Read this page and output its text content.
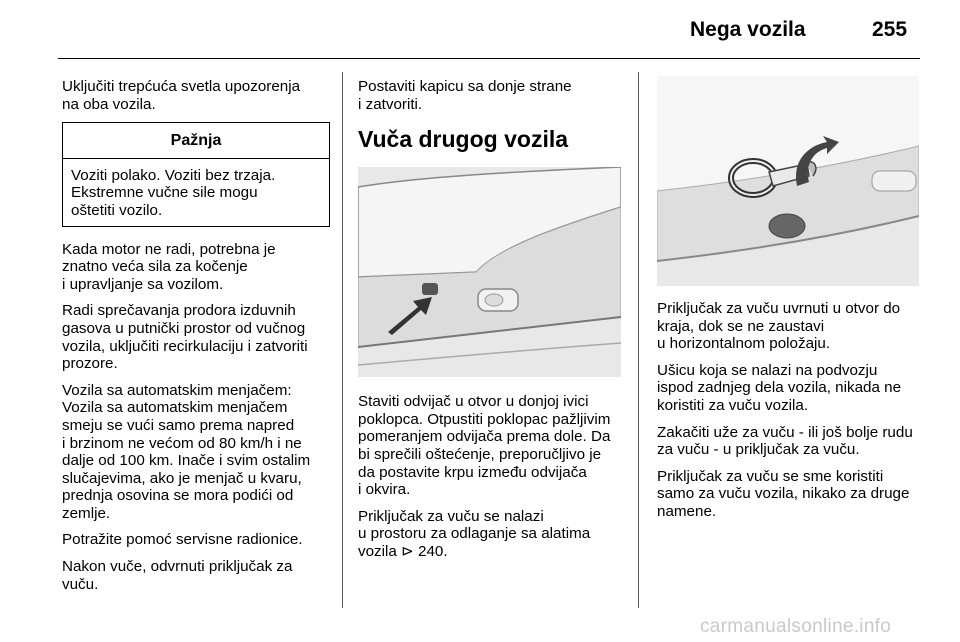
Nega vozila	255

Uključiti trepćuća svetla upozorenja
na oba vozila.

Pažnja
Voziti polako. Voziti bez trzaja.
Ekstremne vučne sile mogu
oštetiti vozilo.

Kada motor ne radi, potrebna je
znatno veća sila za kočenje
i upravljanje sa vozilom.

Radi sprečavanja prodora izduvnih
gasova u putnički prostor od vučnog
vozila, uključiti recirkulaciju i zatvoriti
prozore.

Vozila sa automatskim menjačem:
Vozila sa automatskim menjačem
smeju se vući samo prema napred
i brzinom ne većom od 80 km/h i ne
dalje od 100 km. Inače i svim ostalim
slučajevima, ako je menjač u kvaru,
prednja osovina se mora podići od
zemlje.

Potražite pomoć servisne radionice.

Nakon vuče, odvrnuti priključak za
vuču.

Postaviti kapicu sa donje strane
i zatvoriti.

Vuča drugog vozila

Staviti odvijač u otvor u donjoj ivici
poklopca. Otpustiti poklopac pažljivim
pomeranjem odvijača prema dole. Da
bi sprečili oštećenje, preporučljivo je
da postavite krpu između odvijača
i okvira.

Priključak za vuču se nalazi
u prostoru za odlaganje sa alatima
vozila ⊳ 240.

Priključak za vuču uvrnuti u otvor do
kraja, dok se ne zaustavi
u horizontalnom položaju.

Ušicu koja se nalazi na podvozju
ispod zadnjeg dela vozila, nikada ne
koristiti za vuču vozila.

Zakačiti uže za vuču - ili još bolje rudu
za vuču - u priključak za vuču.

Priključak za vuču se sme koristiti
samo za vuču vozila, nikako za druge
namene.

carmanualsonline.info
